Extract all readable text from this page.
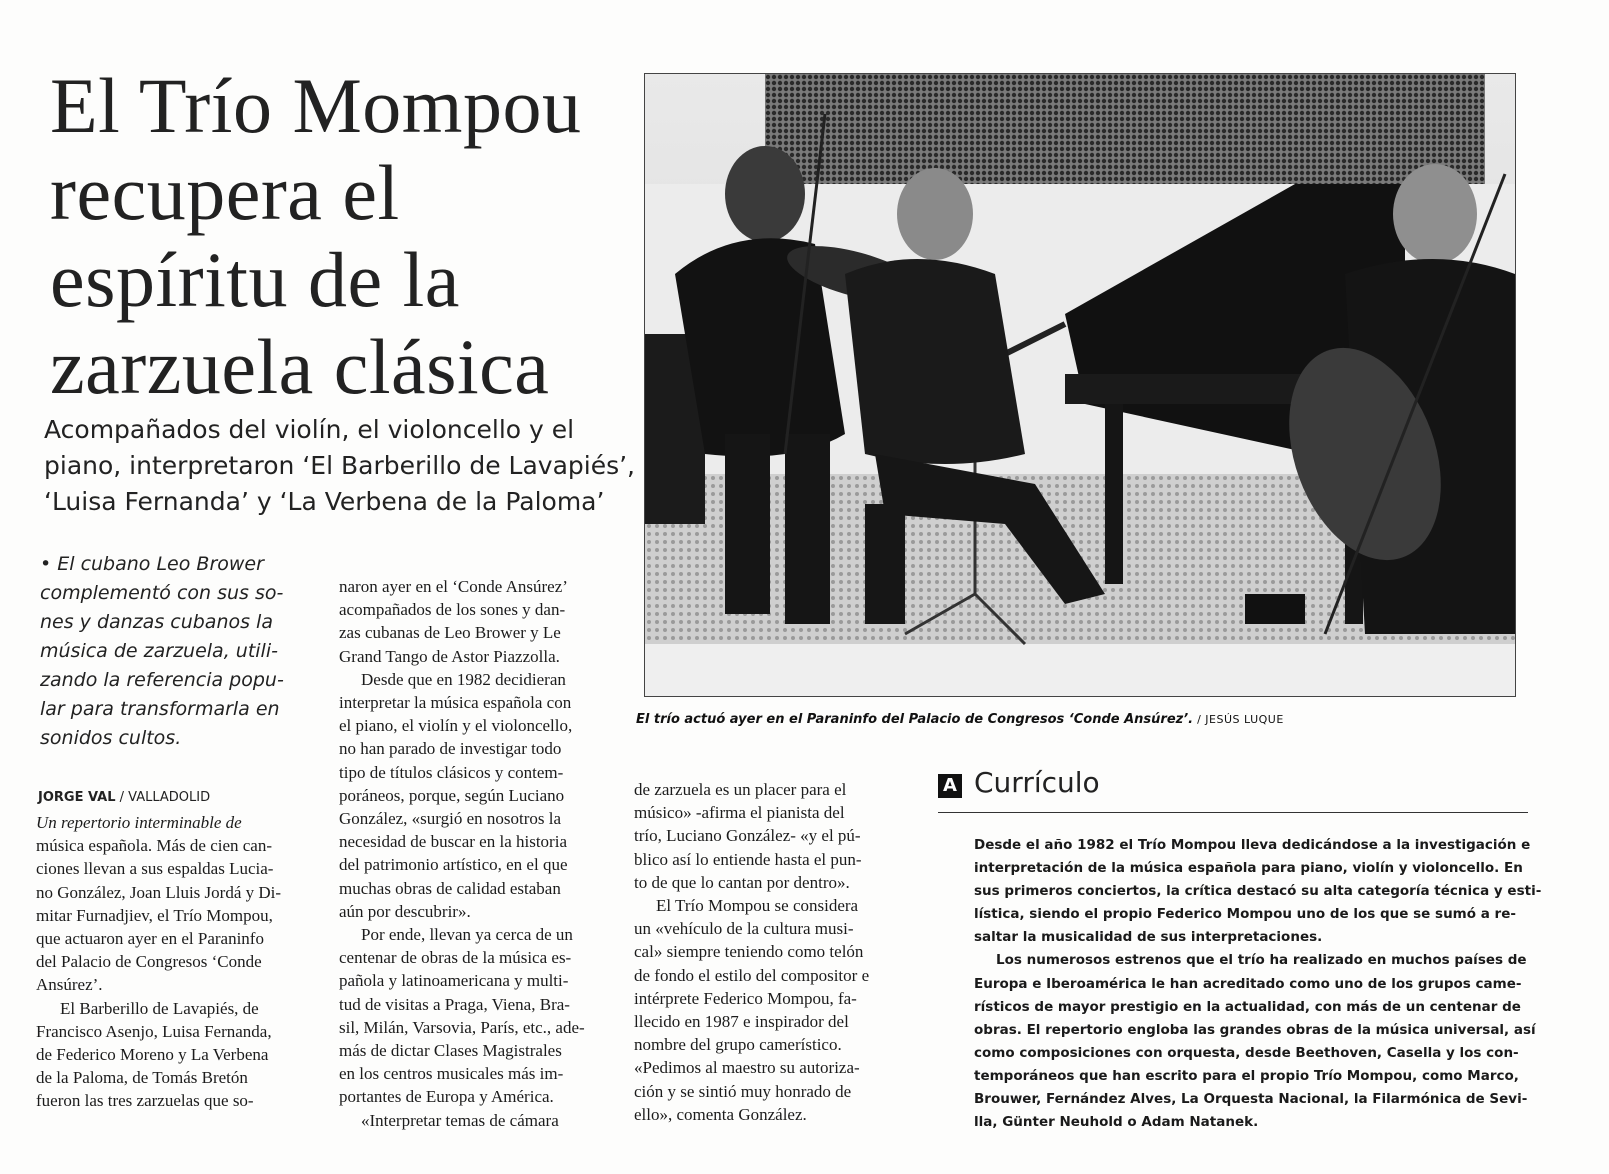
El Trío Mompou
recupera el
espíritu de la
zarzuela clásica
Acompañados del violín, el violoncello y el
piano, interpretaron ‘El Barberillo de Lavapiés’,
‘Luisa Fernanda’ y ‘La Verbena de la Paloma’
• El cubano Leo Brower
complementó con sus so-
nes y danzas cubanos la
música de zarzuela, utili-
zando la referencia popu-
lar para transformarla en
sonidos cultos.
JORGE VAL / VALLADOLID
Un repertorio interminable de
música española. Más de cien can-
ciones llevan a sus espaldas Lucia-
no González, Joan Lluis Jordá y Di-
mitar Furnadjiev, el Trío Mompou,
que actuaron ayer en el Paraninfo
del Palacio de Congresos ‘Conde
Ansúrez’.
El Barberillo de Lavapiés, de
Francisco Asenjo, Luisa Fernanda,
de Federico Moreno y La Verbena
de la Paloma, de Tomás Bretón
fueron las tres zarzuelas que so-
naron ayer en el ‘Conde Ansúrez’
acompañados de los sones y dan-
zas cubanas de Leo Brower y Le
Grand Tango de Astor Piazzolla.
Desde que en 1982 decidieran
interpretar la música española con
el piano, el violín y el violoncello,
no han parado de investigar todo
tipo de títulos clásicos y contem-
poráneos, porque, según Luciano
González, «surgió en nosotros la
necesidad de buscar en la historia
del patrimonio artístico, en el que
muchas obras de calidad estaban
aún por descubrir».
Por ende, llevan ya cerca de un
centenar de obras de la música es-
pañola y latinoamericana y multi-
tud de visitas a Praga, Viena, Bra-
sil, Milán, Varsovia, París, etc., ade-
más de dictar Clases Magistrales
en los centros musicales más im-
portantes de Europa y América.
«Interpretar temas de cámara
de zarzuela es un placer para el
músico» -afirma el pianista del
trío, Luciano González- «y el pú-
blico así lo entiende hasta el pun-
to de que lo cantan por dentro».
El Trío Mompou se considera
un «vehículo de la cultura musi-
cal» siempre teniendo como telón
de fondo el estilo del compositor e
intérprete Federico Mompou, fa-
llecido en 1987 e inspirador del
nombre del grupo camerístico.
«Pedimos al maestro su autoriza-
ción y se sintió muy honrado de
ello», comenta González.
El trío actuó ayer en el Paraninfo del Palacio de Congresos ‘Conde Ansúrez’. / JESÚS LUQUE
A Currículo
Desde el año 1982 el Trío Mompou lleva dedicándose a la investigación e
interpretación de la música española para piano, violín y violoncello. En
sus primeros conciertos, la crítica destacó su alta categoría técnica y esti-
lística, siendo el propio Federico Mompou uno de los que se sumó a re-
saltar la musicalidad de sus interpretaciones.
Los numerosos estrenos que el trío ha realizado en muchos países de
Europa e Iberoamérica le han acreditado como uno de los grupos came-
rísticos de mayor prestigio en la actualidad, con más de un centenar de
obras. El repertorio engloba las grandes obras de la música universal, así
como composiciones con orquesta, desde Beethoven, Casella y los con-
temporáneos que han escrito para el propio Trío Mompou, como Marco,
Brouwer, Fernández Alves, La Orquesta Nacional, la Filarmónica de Sevi-
lla, Günter Neuhold o Adam Natanek.
